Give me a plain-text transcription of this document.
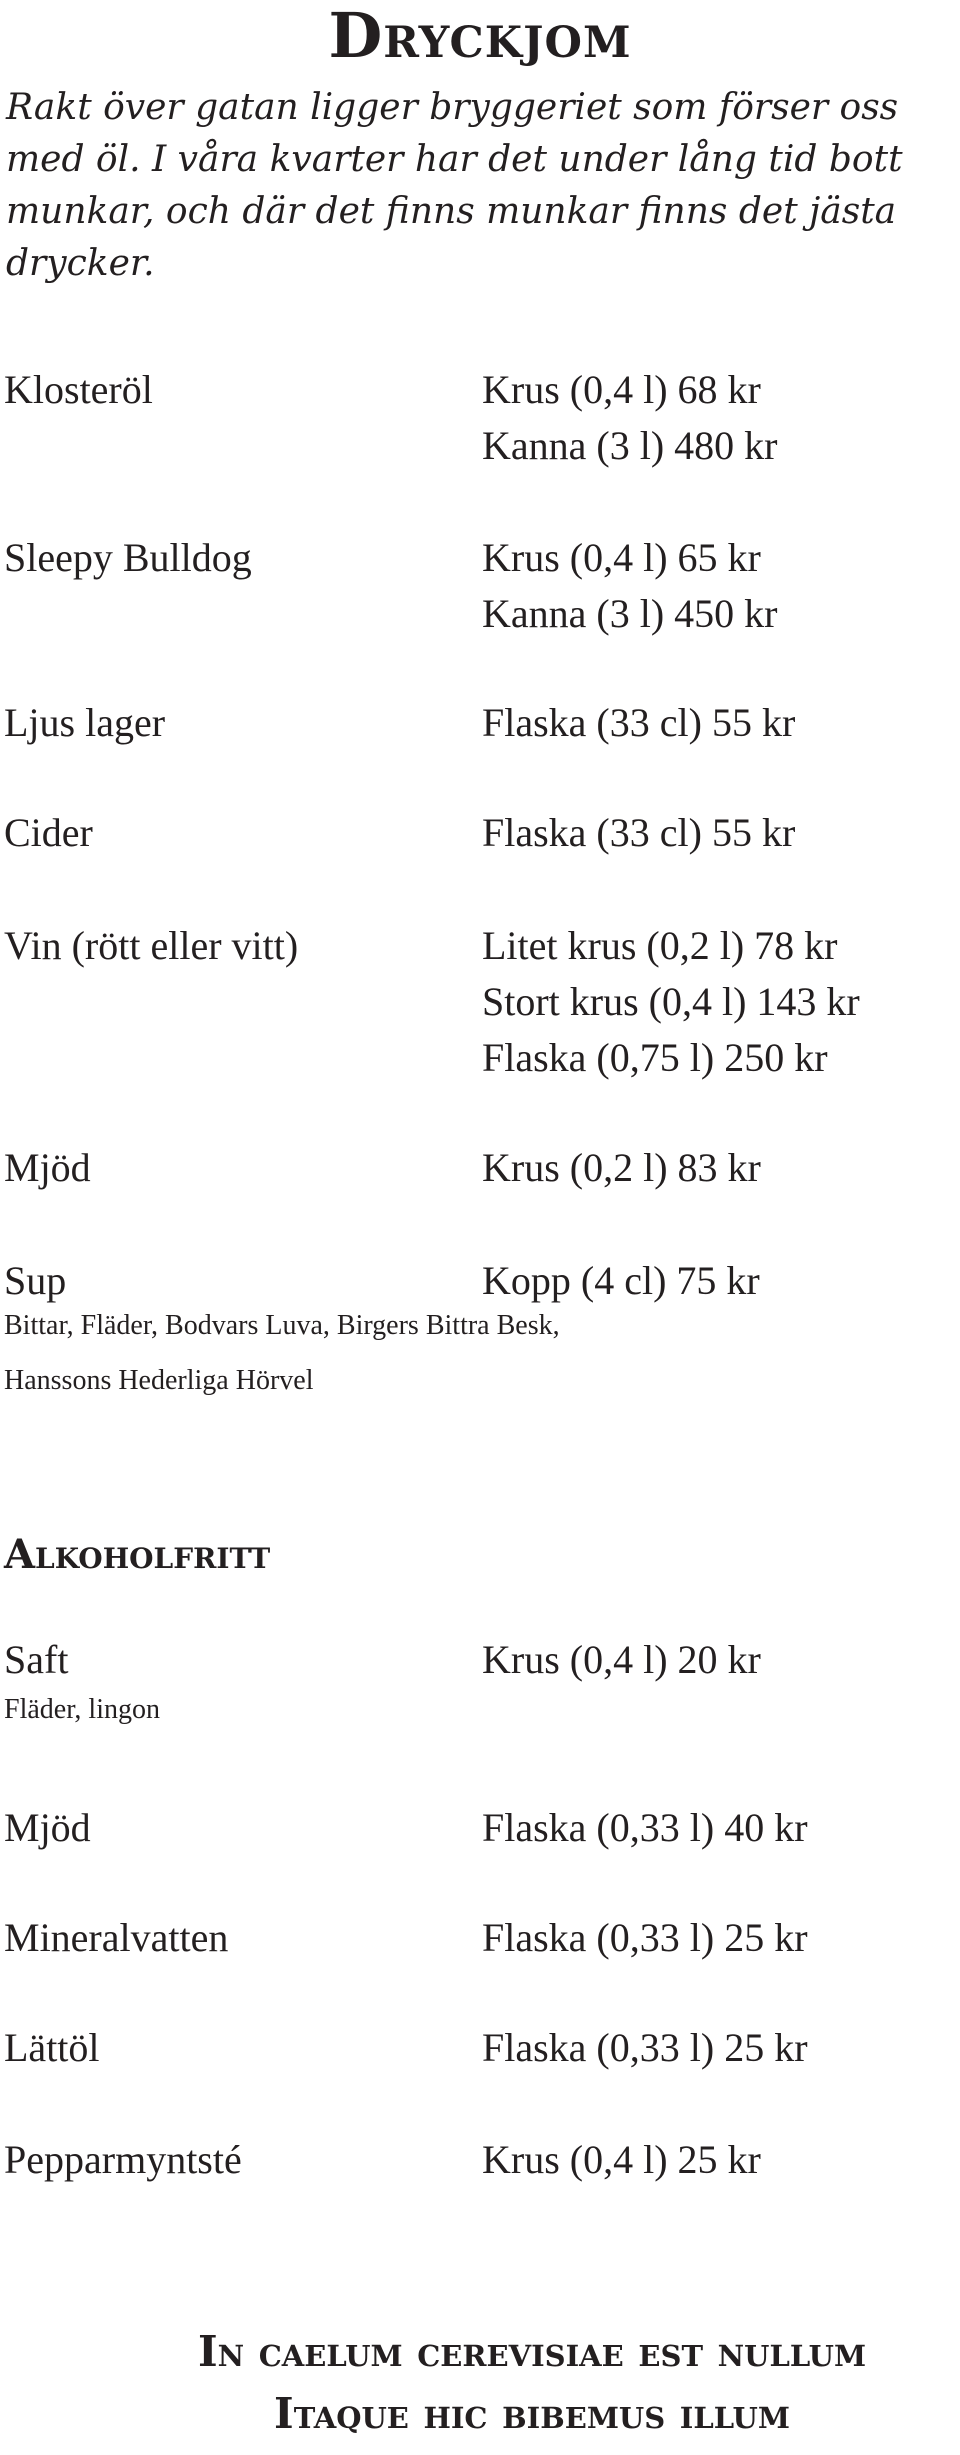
Dryckjom

Rakt över gatan ligger bryggeriet som förser oss med öl. I våra kvarter har det under lång tid bott munkar, och där det finns munkar finns det jästa drycker.

Klosteröl	Krus (0,4 l) 68 kr
Kanna (3 l) 480 kr
Sleepy Bulldog	Krus (0,4 l) 65 kr
Kanna (3 l) 450 kr
Ljus lager	Flaska (33 cl) 55 kr
Cider	Flaska (33 cl) 55 kr
Vin (rött eller vitt)	Litet krus (0,2 l) 78 kr
Stort krus (0,4 l) 143 kr
Flaska (0,75 l) 250 kr
Mjöd	Krus (0,2 l) 83 kr
Sup	Kopp (4 cl) 75 kr
Bittar, Fläder, Bodvars Luva, Birgers Bittra Besk,
Hanssons Hederliga Hörvel
Alkoholfritt
Saft	Krus (0,4 l) 20 kr
Fläder, lingon
Mjöd	Flaska (0,33 l) 40 kr
Mineralvatten	Flaska (0,33 l) 25 kr
Lättöl	Flaska (0,33 l) 25 kr
Pepparmyntsté	Krus (0,4 l) 25 kr
In caelum cerevisiae est nullum
Itaque hic bibemus illum
